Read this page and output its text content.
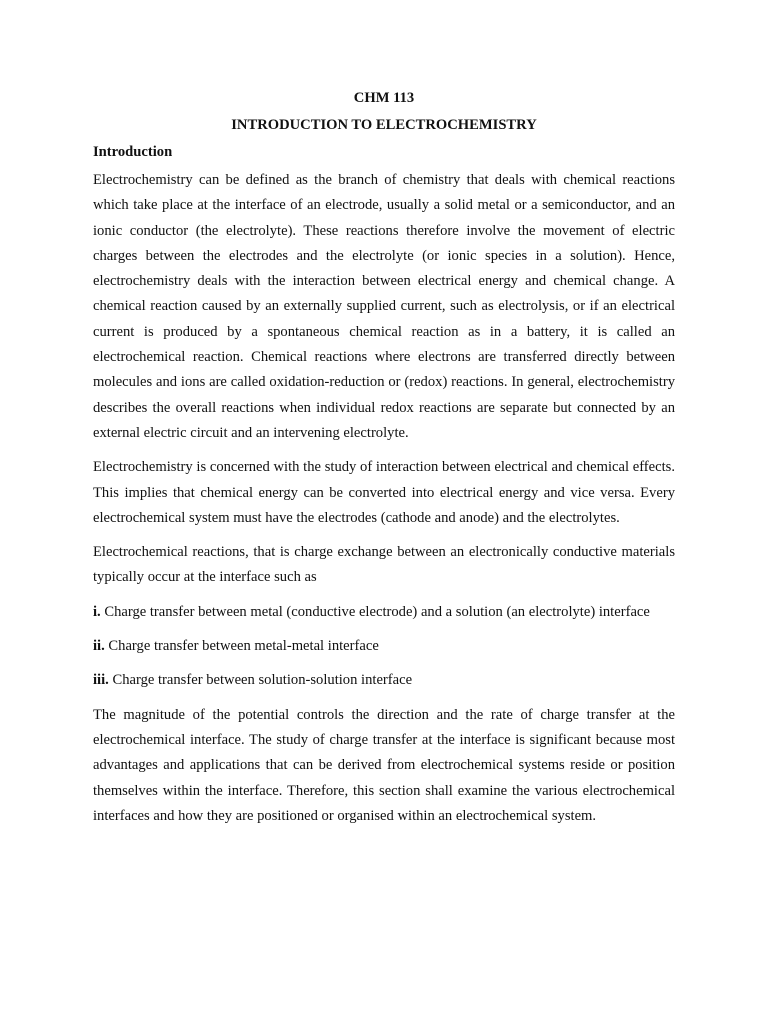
CHM 113
INTRODUCTION TO ELECTROCHEMISTRY
Introduction

Electrochemistry can be defined as the branch of chemistry that deals with chemical reactions which take place at the interface of an electrode, usually a solid metal or a semiconductor, and an ionic conductor (the electrolyte). These reactions therefore involve the movement of electric charges between the electrodes and the electrolyte (or ionic species in a solution). Hence, electrochemistry deals with the interaction between electrical energy and chemical change. A chemical reaction caused by an externally supplied current, such as electrolysis, or if an electrical current is produced by a spontaneous chemical reaction as in a battery, it is called an electrochemical reaction. Chemical reactions where electrons are transferred directly between molecules and ions are called oxidation-reduction or (redox) reactions. In general, electrochemistry describes the overall reactions when individual redox reactions are separate but connected by an external electric circuit and an intervening electrolyte.

Electrochemistry is concerned with the study of interaction between electrical and chemical effects. This implies that chemical energy can be converted into electrical energy and vice versa. Every electrochemical system must have the electrodes (cathode and anode) and the electrolytes.

Electrochemical reactions, that is charge exchange between an electronically conductive materials typically occur at the interface such as

i. Charge transfer between metal (conductive electrode) and a solution (an electrolyte) interface
ii. Charge transfer between metal-metal interface
iii. Charge transfer between solution-solution interface

The magnitude of the potential controls the direction and the rate of charge transfer at the electrochemical interface. The study of charge transfer at the interface is significant because most advantages and applications that can be derived from electrochemical systems reside or position themselves within the interface. Therefore, this section shall examine the various electrochemical interfaces and how they are positioned or organised within an electrochemical system.
